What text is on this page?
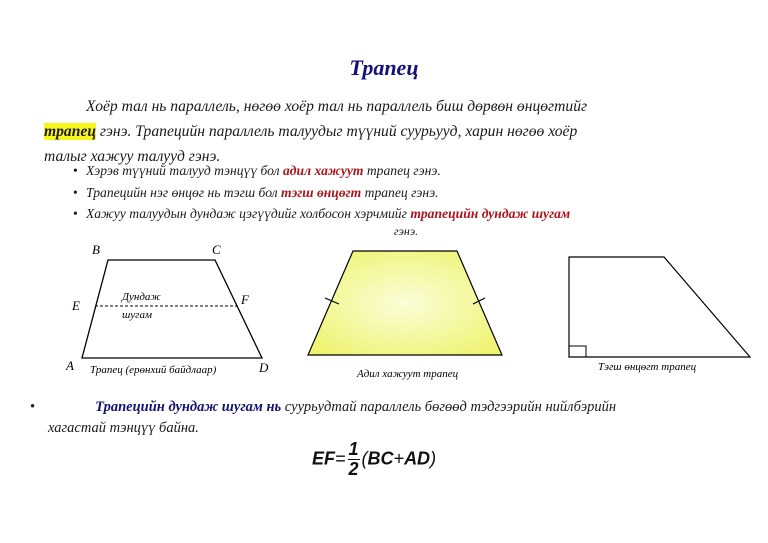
Трапец
Хоёр тал нь параллель, нөгөө хоёр тал нь параллель биш дөрвөн өнцөгтийг
трапец гэнэ. Трапецийн параллель талуудыг түүний суурьууд, харин нөгөө хоёр
талыг хажуу талууд гэнэ.
• Хэрэв түүний талууд тэнцүү бол адил хажуут трапец гэнэ.
• Трапецийн нэг өнцөг нь тэгш бол тэгш өнцөгт трапец гэнэ.
• Хажуу талуудын дундаж цэгүүдийг холбосон хэрчмийг трапецийн дундаж шугам
гэнэ.
B	C
A	D
E	F
Дундаж
шугам
Трапец (ерөнхий байдлаар)	Адил хажуут трапец
Тэгш өнцөгт трапец
•	Трапецийн дундаж шугам нь суурьудтай параллель бөгөөд тэдгээрийн нийлбэрийн
хагастай тэнцүү байна.
$EF= \frac{1}{2} (BC+AD)$
